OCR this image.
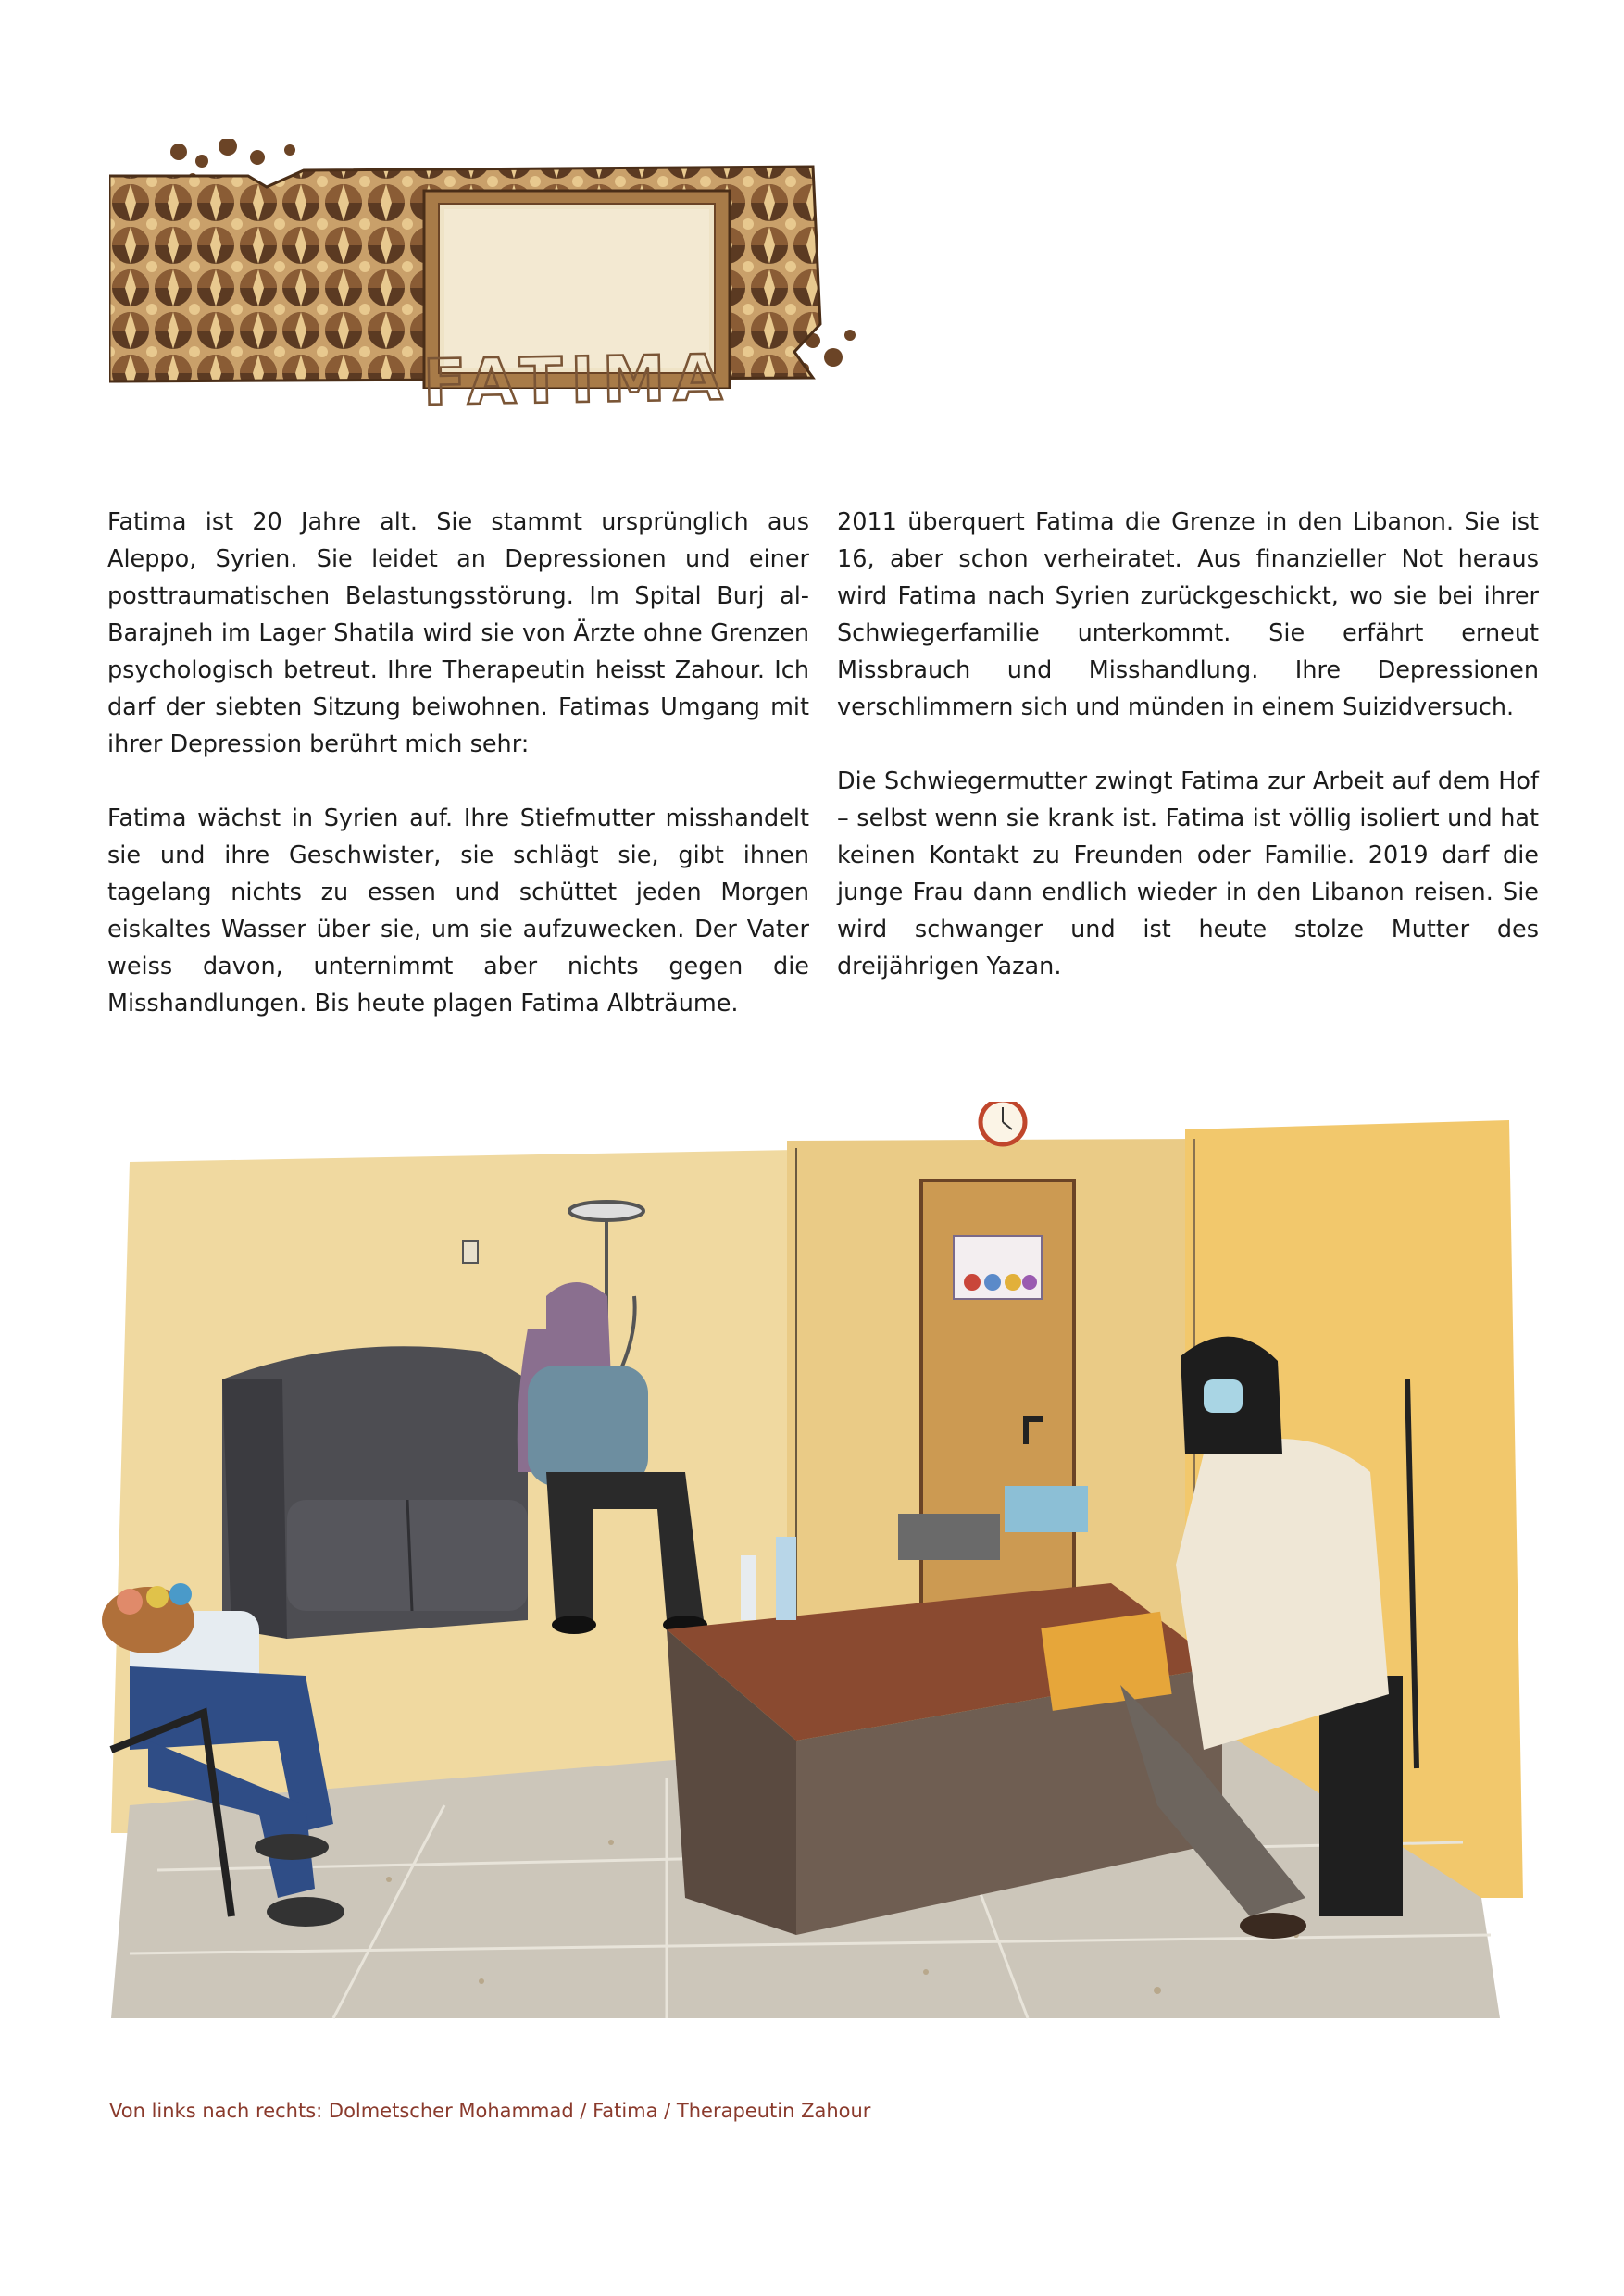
FATIMA

Fatima ist 20 Jahre alt. Sie stammt ursprünglich aus Aleppo, Syrien. Sie leidet an Depressionen und einer posttraumatischen Belastungsstörung. Im Spital Burj al-Barajneh im Lager Shatila wird sie von Ärzte ohne Grenzen psychologisch betreut. Ihre Therapeutin heisst Zahour. Ich darf der siebten Sitzung beiwohnen. Fatimas Umgang mit ihrer Depression berührt mich sehr:

Fatima wächst in Syrien auf. Ihre Stiefmutter misshandelt sie und ihre Geschwister, sie schlägt sie, gibt ihnen tagelang nichts zu essen und schüttet jeden Morgen eiskaltes Wasser über sie, um sie aufzuwecken. Der Vater weiss davon, unternimmt aber nichts gegen die Misshandlungen. Bis heute plagen Fatima Albträume.

2011 überquert Fatima die Grenze in den Libanon. Sie ist 16, aber schon verheiratet. Aus finanzieller Not heraus wird Fatima nach Syrien zurückgeschickt, wo sie bei ihrer Schwiegerfamilie unterkommt. Sie erfährt erneut Missbrauch und Misshandlung. Ihre Depressionen verschlimmern sich und münden in einem Suizidversuch.

Die Schwiegermutter zwingt Fatima zur Arbeit auf dem Hof – selbst wenn sie krank ist. Fatima ist völlig isoliert und hat keinen Kontakt zu Freunden oder Familie. 2019 darf die junge Frau dann endlich wieder in den Libanon reisen. Sie wird schwanger und ist heute stolze Mutter des dreijährigen Yazan.

Von links nach rechts: Dolmetscher Mohammad / Fatima / Therapeutin Zahour
